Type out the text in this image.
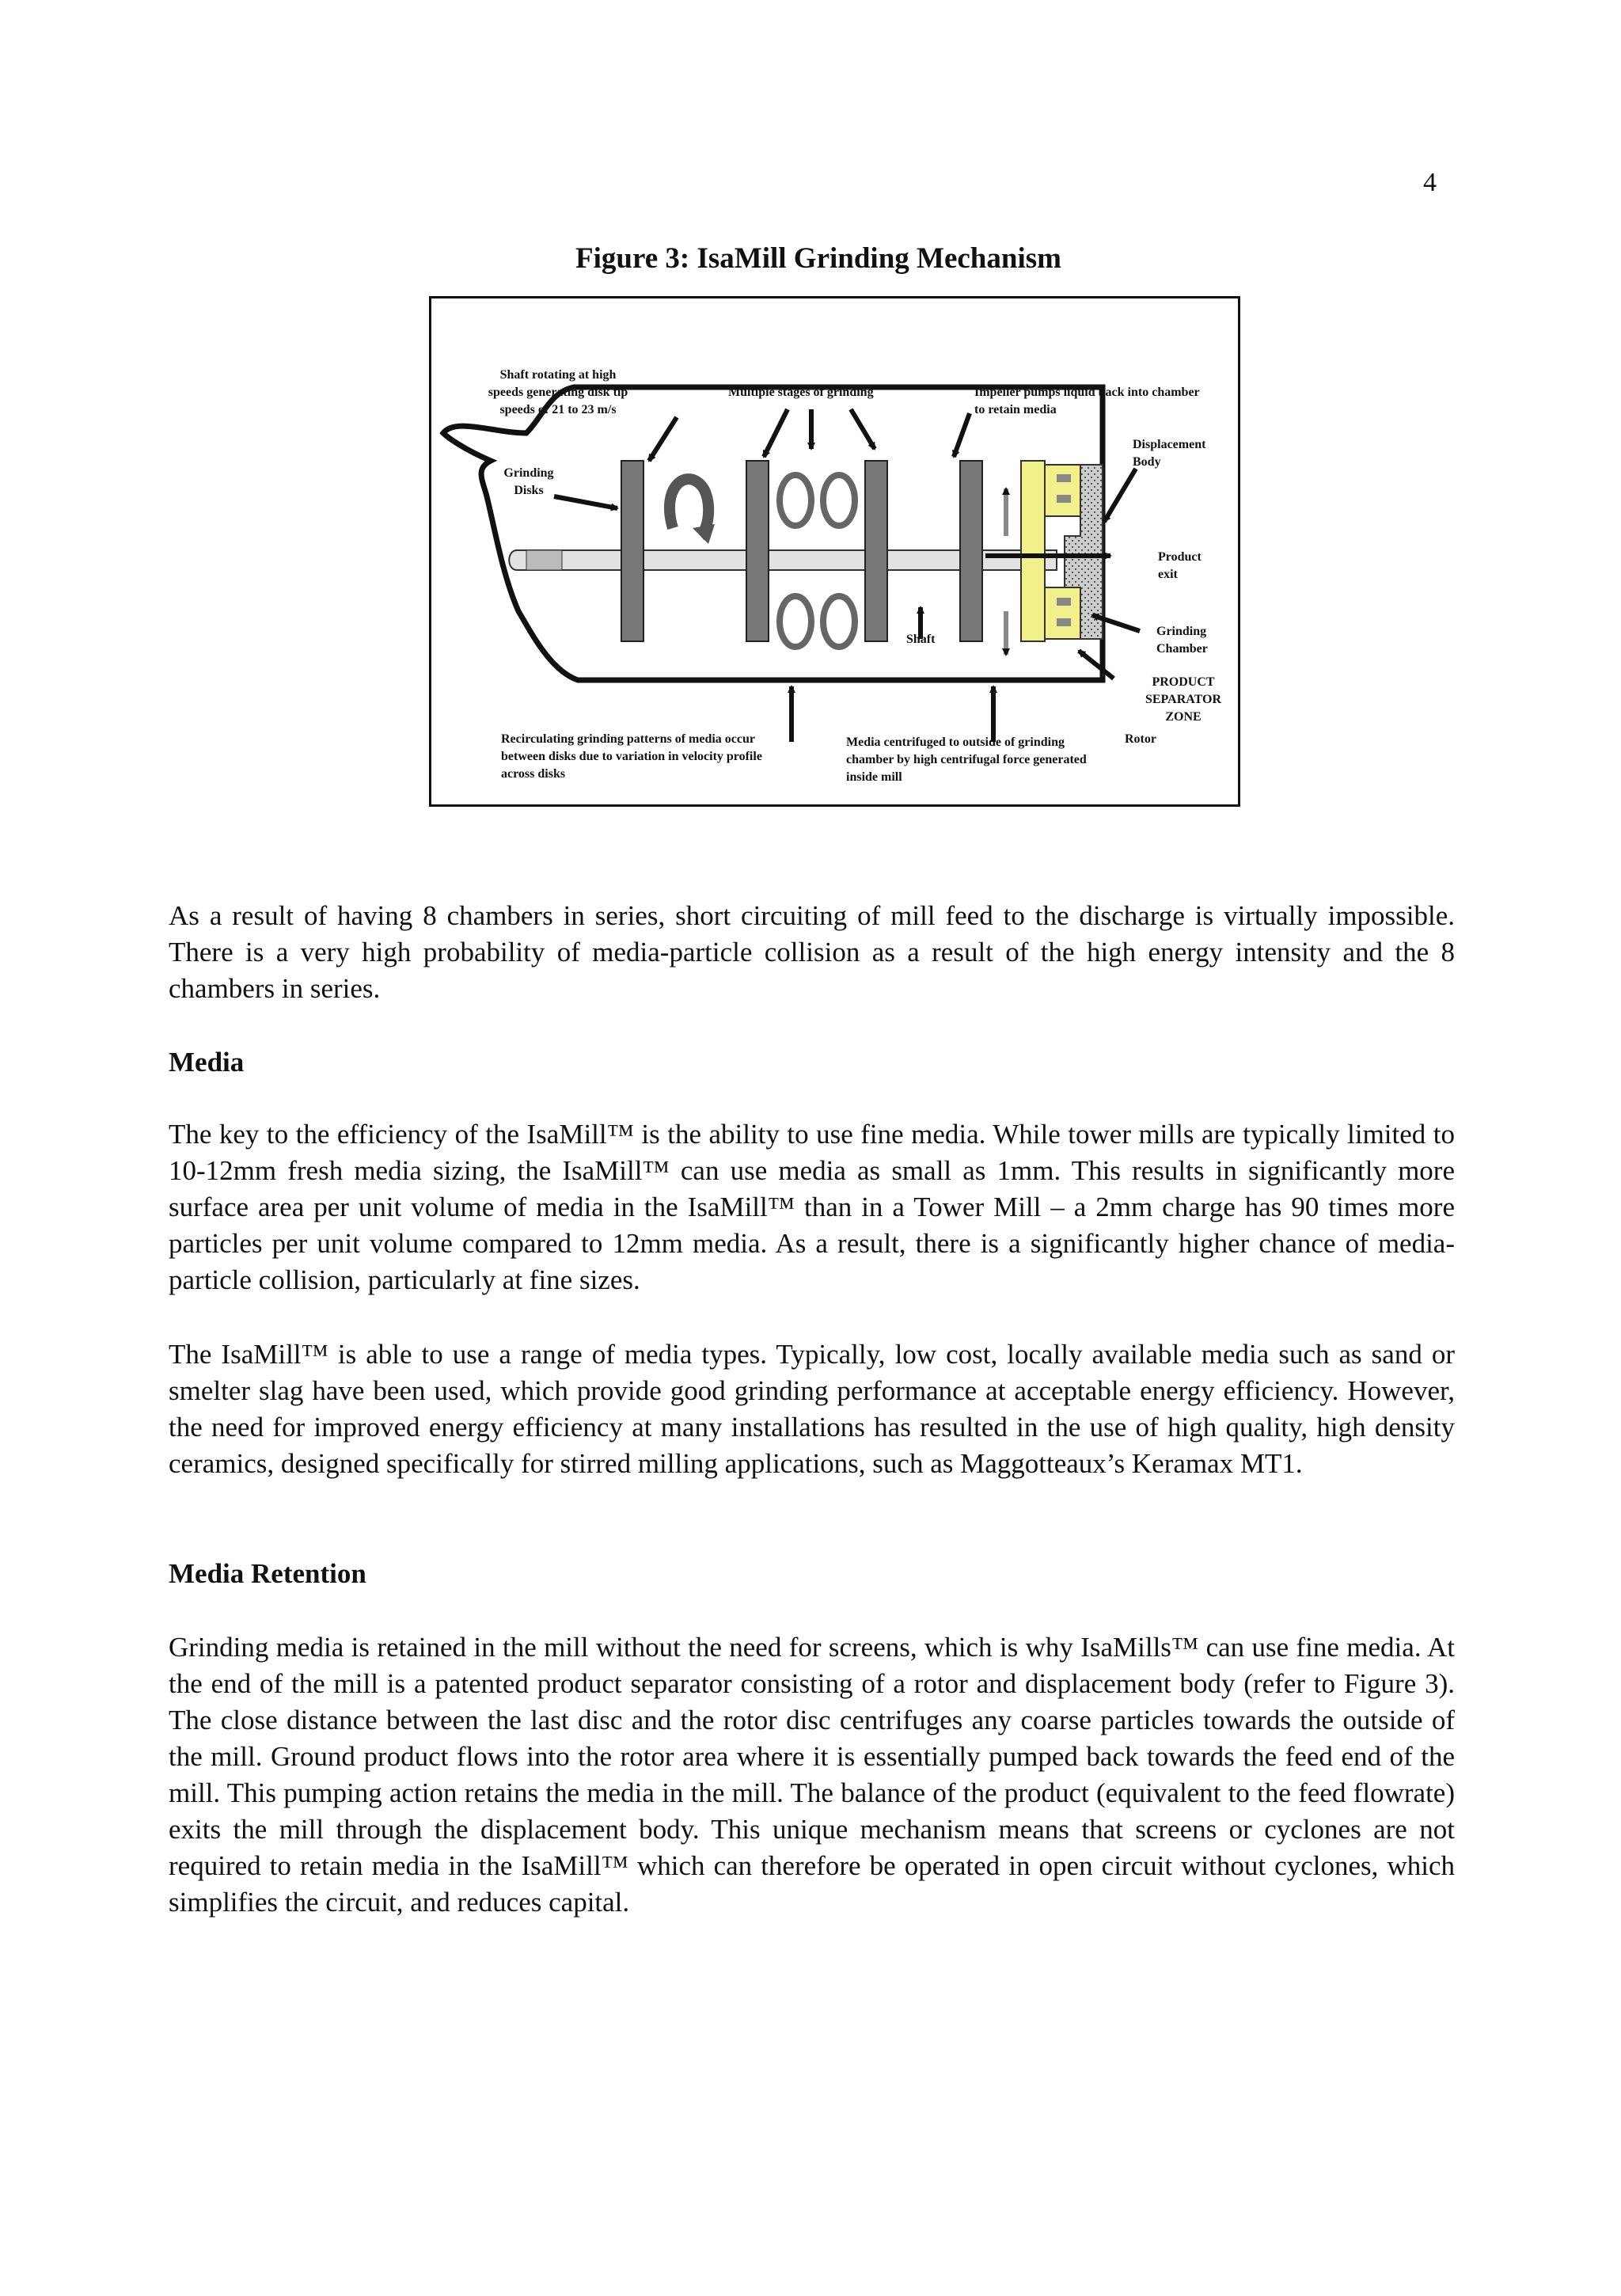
4
Figure 3: IsaMill Grinding Mechanism
Shaft rotating at high speeds generating disk tip speeds of 21 to 23 m/s
Multiple stages of grinding	Impeller pumps liquid back into chamber to retain media
Displacement Body
Grinding Disks
Product exit
Shaft
Grinding Chamber
PRODUCT SEPARATOR ZONE
Rotor
Recirculating grinding patterns of media occur between disks due to variation in velocity profile across disks
Media centrifuged to outside of grinding chamber by high centrifugal force generated inside mill

As a result of having 8 chambers in series, short circuiting of mill feed to the discharge is virtually impossible. There is a very high probability of media-particle collision as a result of the high energy intensity and the 8 chambers in series.

Media

The key to the efficiency of the IsaMill™ is the ability to use fine media. While tower mills are typically limited to 10-12mm fresh media sizing, the IsaMill™ can use media as small as 1mm. This results in significantly more surface area per unit volume of media in the IsaMill™ than in a Tower Mill – a 2mm charge has 90 times more particles per unit volume compared to 12mm media. As a result, there is a significantly higher chance of media-particle collision, particularly at fine sizes.

The IsaMill™ is able to use a range of media types. Typically, low cost, locally available media such as sand or smelter slag have been used, which provide good grinding performance at acceptable energy efficiency. However, the need for improved energy efficiency at many installations has resulted in the use of high quality, high density ceramics, designed specifically for stirred milling applications, such as Maggotteaux’s Keramax MT1.

Media Retention

Grinding media is retained in the mill without the need for screens, which is why IsaMills™ can use fine media. At the end of the mill is a patented product separator consisting of a rotor and displacement body (refer to Figure 3). The close distance between the last disc and the rotor disc centrifuges any coarse particles towards the outside of the mill. Ground product flows into the rotor area where it is essentially pumped back towards the feed end of the mill. This pumping action retains the media in the mill. The balance of the product (equivalent to the feed flowrate) exits the mill through the displacement body. This unique mechanism means that screens or cyclones are not required to retain media in the IsaMill™ which can therefore be operated in open circuit without cyclones, which simplifies the circuit, and reduces capital.
